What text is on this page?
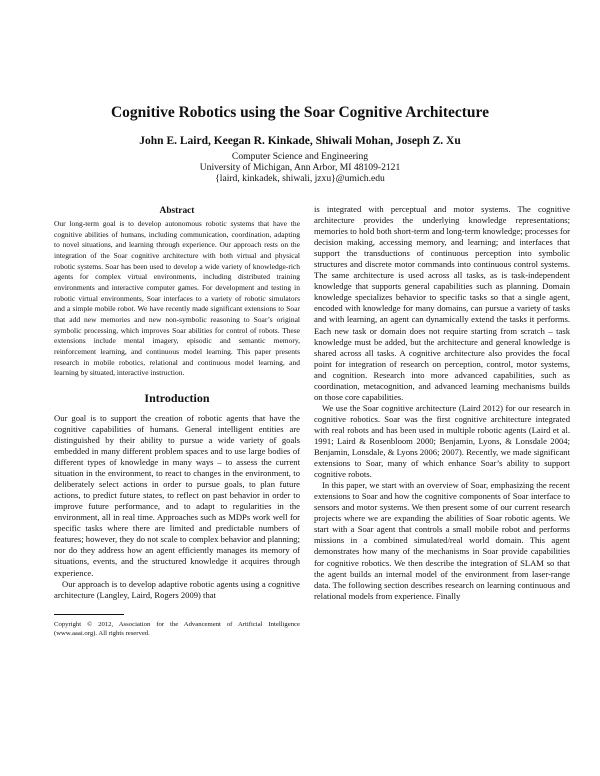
Cognitive Robotics using the Soar Cognitive Architecture
John E. Laird, Keegan R. Kinkade, Shiwali Mohan, Joseph Z. Xu
Computer Science and Engineering
University of Michigan, Ann Arbor, MI 48109-2121
{laird, kinkadek, shiwali, jzxu}@umich.edu
Abstract

Our long-term goal is to develop autonomous robotic systems that have the cognitive abilities of humans, including communication, coordination, adapting to novel situations, and learning through experience. Our approach rests on the integration of the Soar cognitive architecture with both virtual and physical robotic systems. Soar has been used to develop a wide variety of knowledge-rich agents for complex virtual environments, including distributed training environments and interactive computer games. For development and testing in robotic virtual environments, Soar interfaces to a variety of robotic simulators and a simple mobile robot. We have recently made significant extensions to Soar that add new memories and new non-symbolic reasoning to Soar’s original symbolic processing, which improves Soar abilities for control of robots. These extensions include mental imagery, episodic and semantic memory, reinforcement learning, and continuous model learning. This paper presents research in mobile robotics, relational and continuous model learning, and learning by situated, interactive instruction.

Introduction

Our goal is to support the creation of robotic agents that have the cognitive capabilities of humans. General intelligent entities are distinguished by their ability to pursue a wide variety of goals embedded in many different problem spaces and to use large bodies of different types of knowledge in many ways – to assess the current situation in the environment, to react to changes in the environment, to deliberately select actions in order to pursue goals, to plan future actions, to predict future states, to reflect on past behavior in order to improve future performance, and to adapt to regularities in the environment, all in real time. Approaches such as MDPs work well for specific tasks where there are limited and predictable numbers of features; however, they do not scale to complex behavior and planning; nor do they address how an agent efficiently manages its memory of situations, events, and the structured knowledge it acquires through experience.

Our approach is to develop adaptive robotic agents using a cognitive architecture (Langley, Laird, Rogers 2009) that

Copyright © 2012, Association for the Advancement of Artificial Intelligence (www.aaai.org). All rights reserved.

is integrated with perceptual and motor systems. The cognitive architecture provides the underlying knowledge representations; memories to hold both short-term and long-term knowledge; processes for decision making, accessing memory, and learning; and interfaces that support the transductions of continuous perception into symbolic structures and discrete motor commands into continuous control systems. The same architecture is used across all tasks, as is task-independent knowledge that supports general capabilities such as planning. Domain knowledge specializes behavior to specific tasks so that a single agent, encoded with knowledge for many domains, can pursue a variety of tasks and with learning, an agent can dynamically extend the tasks it performs. Each new task or domain does not require starting from scratch – task knowledge must be added, but the architecture and general knowledge is shared across all tasks. A cognitive architecture also provides the focal point for integration of research on perception, control, motor systems, and cognition. Research into more advanced capabilities, such as coordination, metacognition, and advanced learning mechanisms builds on those core capabilities.

We use the Soar cognitive architecture (Laird 2012) for our research in cognitive robotics. Soar was the first cognitive architecture integrated with real robots and has been used in multiple robotic agents (Laird et al. 1991; Laird & Rosenbloom 2000; Benjamin, Lyons, & Lonsdale 2004; Benjamin, Lonsdale, & Lyons 2006; 2007). Recently, we made significant extensions to Soar, many of which enhance Soar’s ability to support cognitive robots.

In this paper, we start with an overview of Soar, emphasizing the recent extensions to Soar and how the cognitive components of Soar interface to sensors and motor systems. We then present some of our current research projects where we are expanding the abilities of Soar robotic agents. We start with a Soar agent that controls a small mobile robot and performs missions in a combined simulated/real world domain. This agent demonstrates how many of the mechanisms in Soar provide capabilities for cognitive robotics. We then describe the integration of SLAM so that the agent builds an internal model of the environment from laser-range data. The following section describes research on learning continuous and relational models from experience. Finally
